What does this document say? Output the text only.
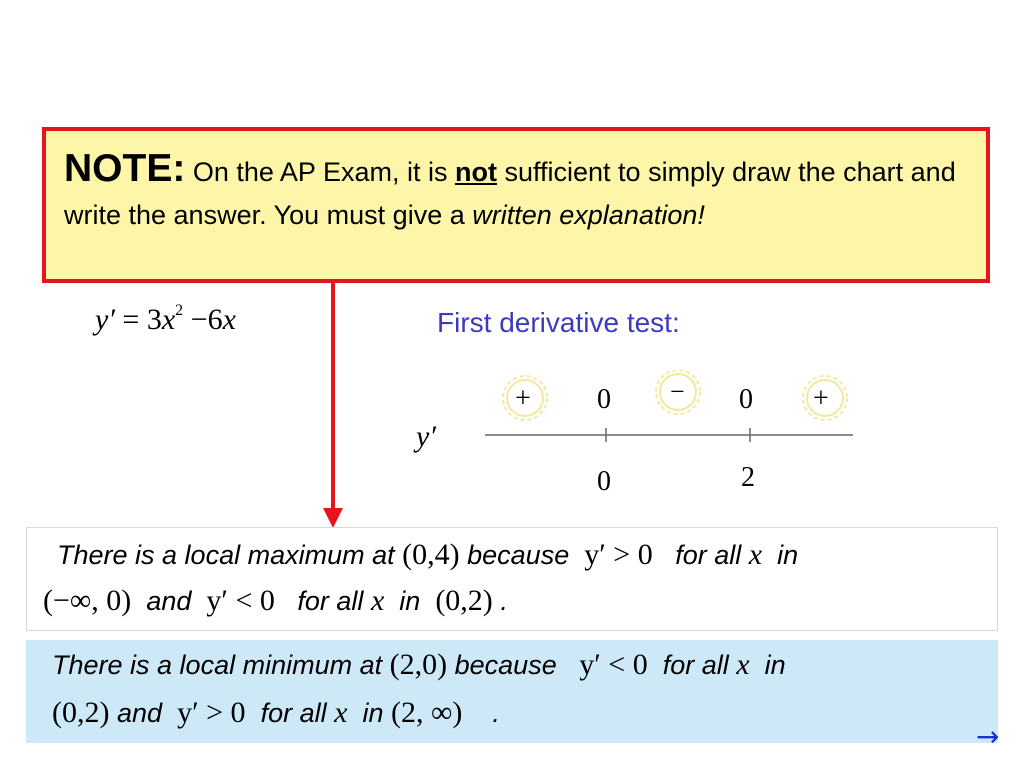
NOTE: On the AP Exam, it is not sufficient to simply draw the chart and write the answer. You must give a written explanation!
$y' = 3x^2 -6x$	First derivative test:
y′
+ 0 − 0 +
0	2
There is a local maximum at (0,4) because y′ > 0 for all x in
(−∞, 0) and y′ < 0 for all x in (0,2) .
There is a local minimum at (2,0) because y′ < 0 for all x in
(0,2) and y′ > 0 for all x in (2, ∞) .
→
